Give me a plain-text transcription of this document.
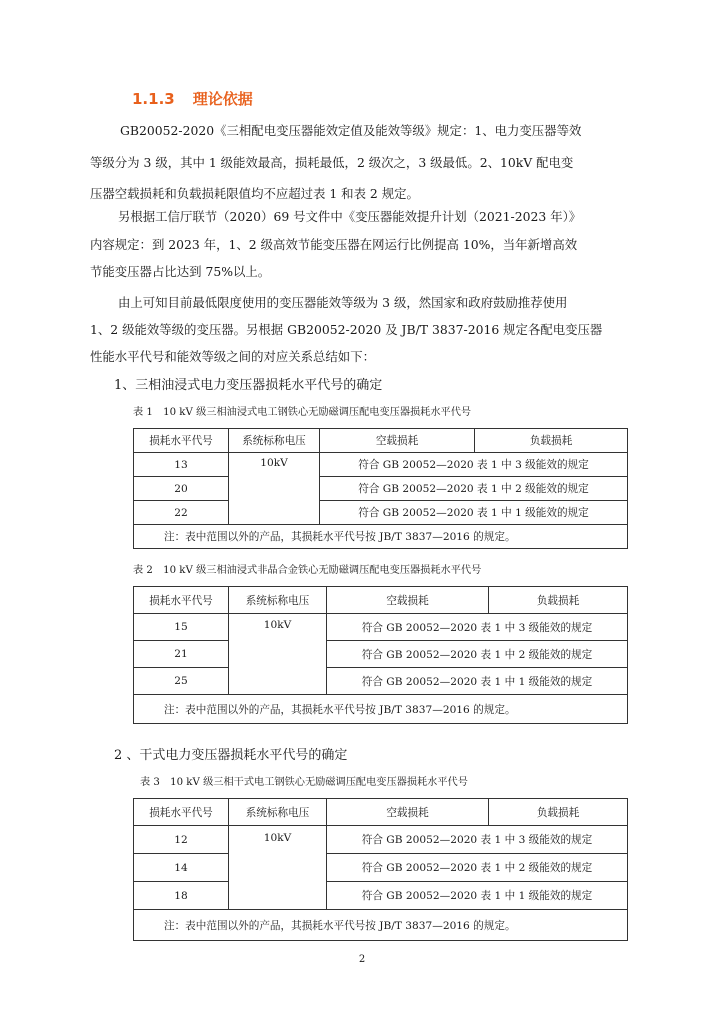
1.1.3 理论依据
GB20052-2020《三相配电变压器能效定值及能效等级》规定：1、电力变压器等效
等级分为 3 级，其中 1 级能效最高，损耗最低，2 级次之，3 级最低。2、10kV 配电变
压器空载损耗和负载损耗限值均不应超过表 1 和表 2 规定。
另根据工信厅联节（2020）69 号文件中《变压器能效提升计划（2021-2023 年）》
内容规定：到 2023 年，1、2 级高效节能变压器在网运行比例提高 10%，当年新增高效
节能变压器占比达到 75%以上。
由上可知目前最低限度使用的变压器能效等级为 3 级，然国家和政府鼓励推荐使用
1、2 级能效等级的变压器。另根据 GB20052-2020 及 JB/T 3837-2016 规定各配电变压器
性能水平代号和能效等级之间的对应关系总结如下：
1、三相油浸式电力变压器损耗水平代号的确定
表 1　10 kV 级三相油浸式电工钢铁心无励磁调压配电变压器损耗水平代号
损耗水平代号	系统标称电压	空载损耗	负载损耗
13	10kV	符合 GB 20052—2020 表 1 中 3 级能效的规定	
20		符合 GB 20052—2020 表 1 中 2 级能效的规定	
22		符合 GB 20052—2020 表 1 中 1 级能效的规定	
注：表中范围以外的产品，其损耗水平代号按 JB/T 3837—2016 的规定。			
表 2　10 kV 级三相油浸式非晶合金铁心无励磁调压配电变压器损耗水平代号
损耗水平代号	系统标称电压	空载损耗	负载损耗
15	10kV	符合 GB 20052—2020 表 1 中 3 级能效的规定	
21		符合 GB 20052—2020 表 1 中 2 级能效的规定	
25		符合 GB 20052—2020 表 1 中 1 级能效的规定	
注：表中范围以外的产品，其损耗水平代号按 JB/T 3837—2016 的规定。			
2 、干式电力变压器损耗水平代号的确定
表 3　10 kV 级三相干式电工钢铁心无励磁调压配电变压器损耗水平代号
损耗水平代号	系统标称电压	空载损耗	负载损耗
12	10kV	符合 GB 20052—2020 表 1 中 3 级能效的规定	
14		符合 GB 20052—2020 表 1 中 2 级能效的规定	
18		符合 GB 20052—2020 表 1 中 1 级能效的规定	
注：表中范围以外的产品，其损耗水平代号按 JB/T 3837—2016 的规定。			
2
